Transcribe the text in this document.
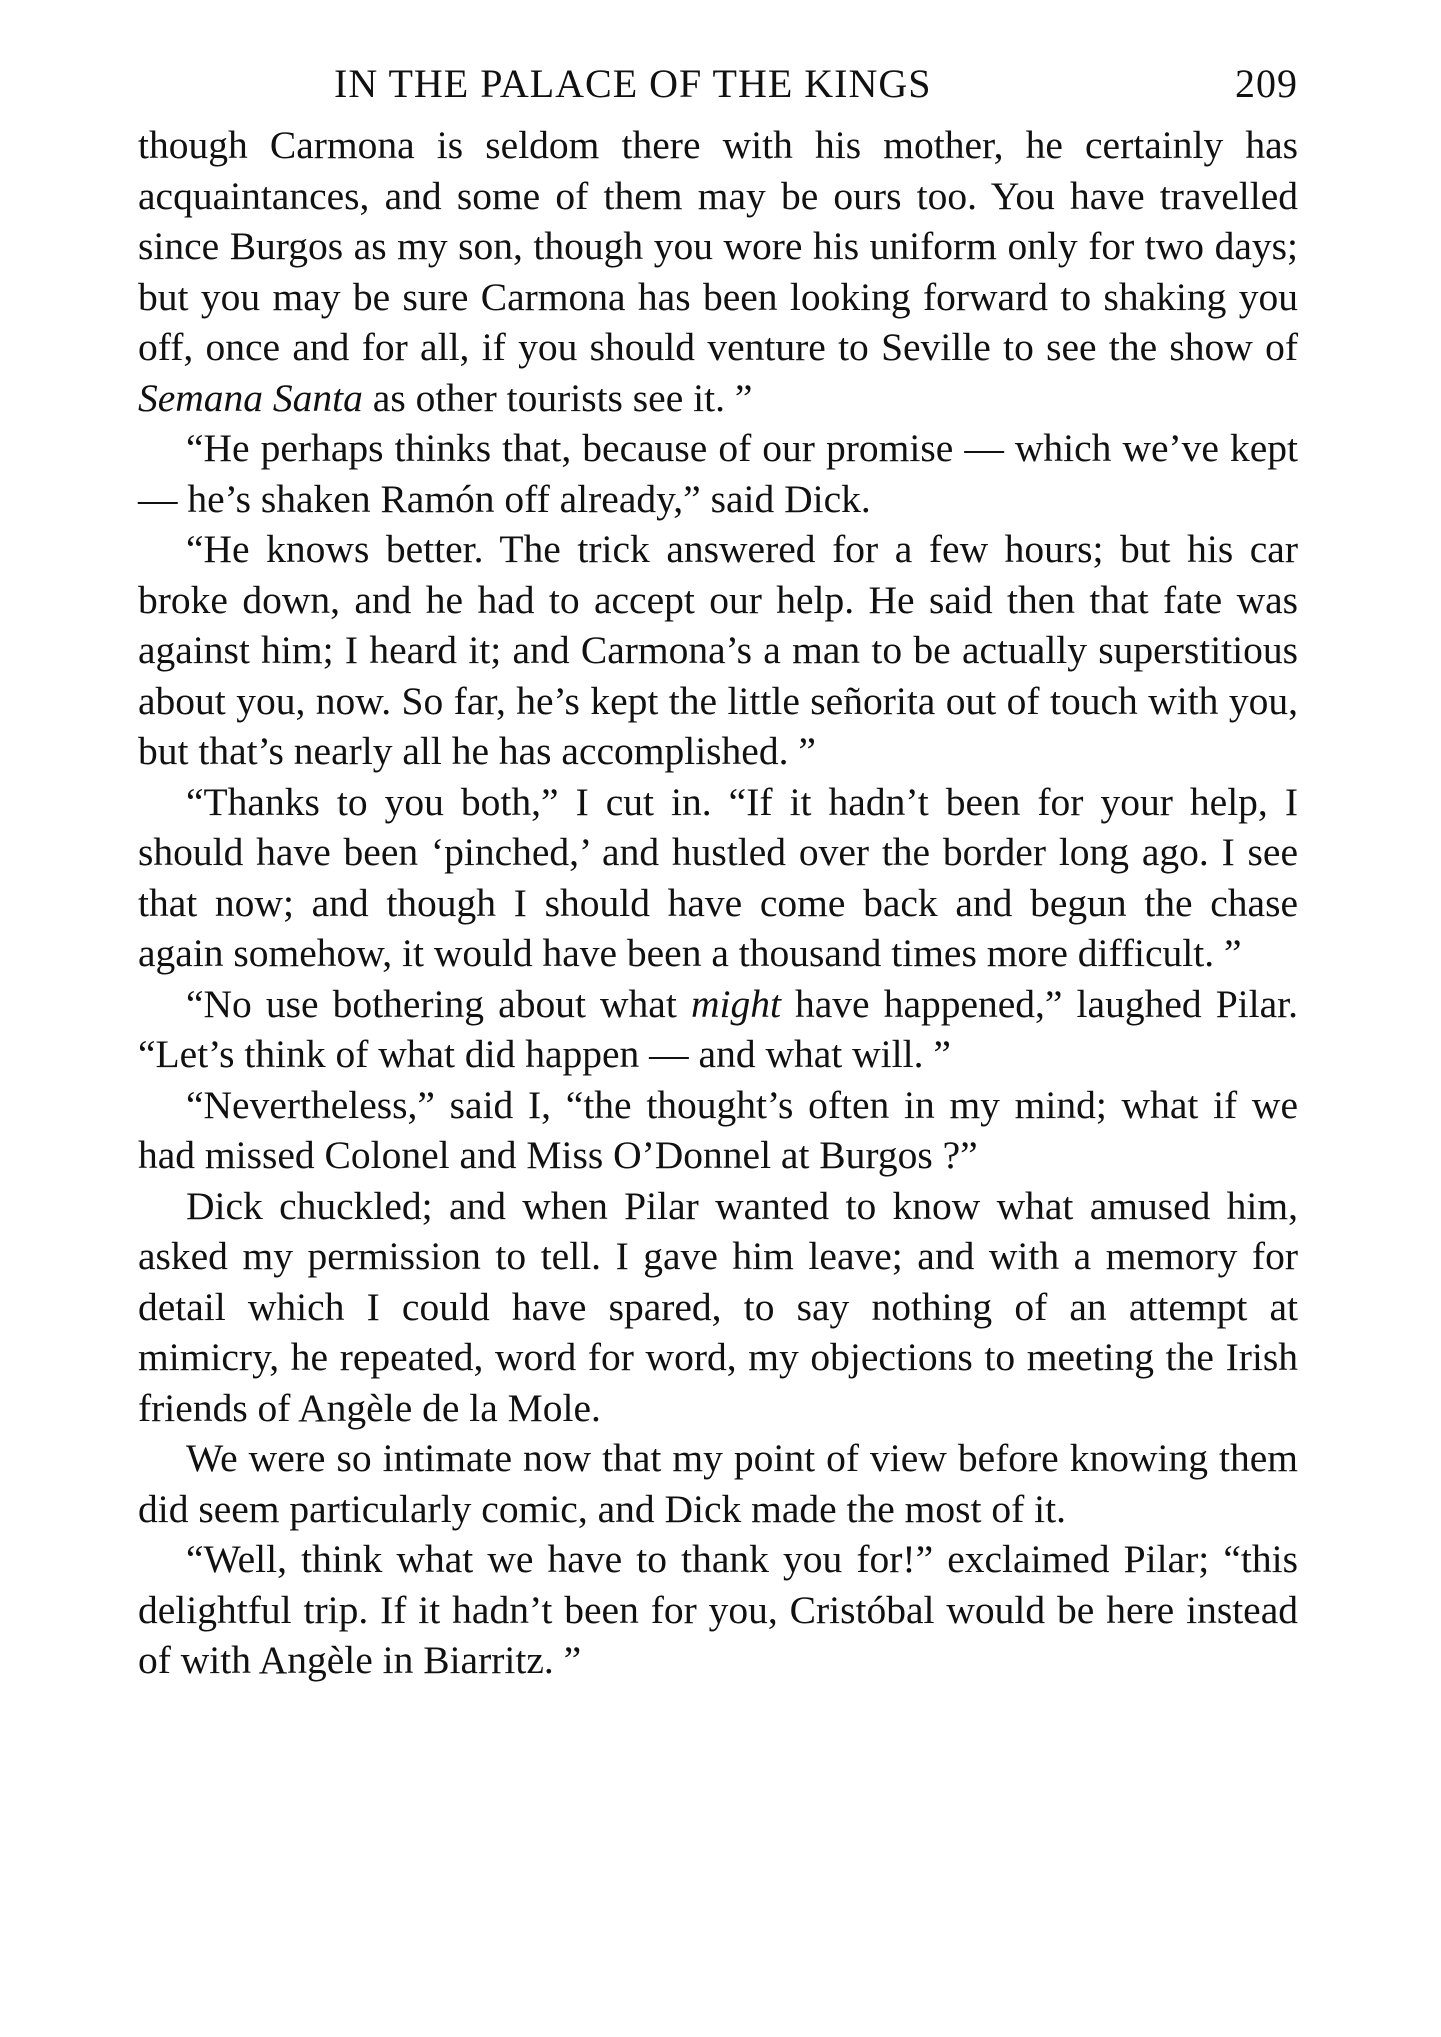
IN THE PALACE OF THE KINGS	209

though Carmona is seldom there with his mother, he certainly has acquaintances, and some of them may be ours too. You have travelled since Burgos as my son, though you wore his uniform only for two days; but you may be sure Carmona has been looking forward to shaking you off, once and for all, if you should venture to Seville to see the show of Semana Santa as other tourists see it. ”

“He perhaps thinks that, because of our promise — which we’ve kept — he’s shaken Ramón off already,” said Dick.

“He knows better. The trick answered for a few hours; but his car broke down, and he had to accept our help. He said then that fate was against him; I heard it; and Carmona’s a man to be actually superstitious about you, now. So far, he’s kept the little señorita out of touch with you, but that’s nearly all he has accomplished. ”

“Thanks to you both,” I cut in. “If it hadn’t been for your help, I should have been ‘pinched,’ and hustled over the border long ago. I see that now; and though I should have come back and begun the chase again somehow, it would have been a thousand times more difficult. ”

“No use bothering about what might have happened,” laughed Pilar. “Let’s think of what did happen — and what will. ”

“Nevertheless,” said I, “the thought’s often in my mind; what if we had missed Colonel and Miss O’Donnel at Burgos ?”

Dick chuckled; and when Pilar wanted to know what amused him, asked my permission to tell. I gave him leave; and with a memory for detail which I could have spared, to say nothing of an attempt at mimicry, he repeated, word for word, my objections to meeting the Irish friends of Angèle de la Mole.

We were so intimate now that my point of view before knowing them did seem particularly comic, and Dick made the most of it.

“Well, think what we have to thank you for!” exclaimed Pilar; “this delightful trip. If it hadn’t been for you, Cristóbal would be here instead of with Angèle in Biarritz. ”
